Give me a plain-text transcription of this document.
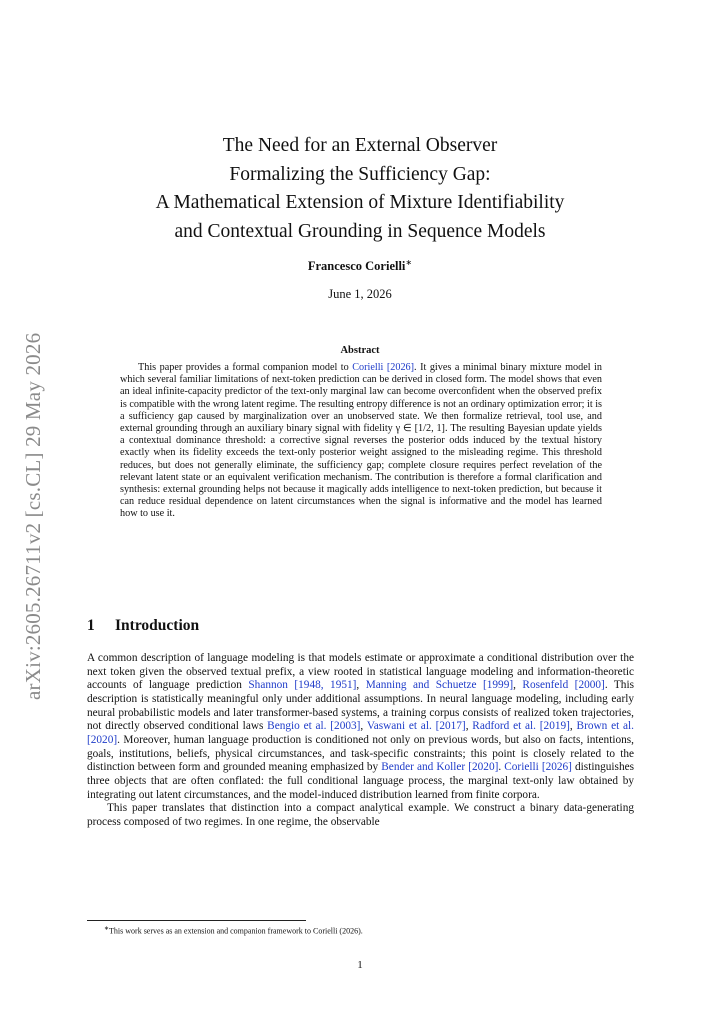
arXiv:2605.26711v2 [cs.CL] 29 May 2026
The Need for an External Observer
Formalizing the Sufficiency Gap:
A Mathematical Extension of Mixture Identifiability
and Contextual Grounding in Sequence Models
Francesco Corielli∗
June 1, 2026
Abstract
This paper provides a formal companion model to Corielli [2026]. It gives a minimal binary mixture model in which several familiar limitations of next-token prediction can be derived in closed form. The model shows that even an ideal infinite-capacity predictor of the text-only marginal law can become overconfident when the observed prefix is compatible with the wrong latent regime. The resulting entropy difference is not an ordinary optimization error; it is a sufficiency gap caused by marginalization over an unobserved state. We then formalize retrieval, tool use, and external grounding through an auxiliary binary signal with fidelity γ ∈ [1/2, 1]. The resulting Bayesian update yields a contextual dominance threshold: a corrective signal reverses the posterior odds induced by the textual history exactly when its fidelity exceeds the text-only posterior weight assigned to the misleading regime. This threshold reduces, but does not generally eliminate, the sufficiency gap; complete closure requires perfect revelation of the relevant latent state or an equivalent verification mechanism. The contribution is therefore a formal clarification and synthesis: external grounding helps not because it magically adds intelligence to next-token prediction, but because it can reduce residual dependence on latent circumstances when the signal is informative and the model has learned how to use it.
1 Introduction

A common description of language modeling is that models estimate or approximate a conditional distribution over the next token given the observed textual prefix, a view rooted in statistical language modeling and information-theoretic accounts of language prediction Shannon [1948, 1951], Manning and Schuetze [1999], Rosenfeld [2000]. This description is statistically meaningful only under additional assumptions. In neural language modeling, including early neural probabilistic models and later transformer-based systems, a training corpus consists of realized token trajectories, not directly observed conditional laws Bengio et al. [2003], Vaswani et al. [2017], Radford et al. [2019], Brown et al. [2020]. Moreover, human language production is conditioned not only on previous words, but also on facts, intentions, goals, institutions, beliefs, physical circumstances, and task-specific constraints; this point is closely related to the distinction between form and grounded meaning emphasized by Bender and Koller [2020]. Corielli [2026] distinguishes three objects that are often conflated: the full conditional language process, the marginal text-only law obtained by integrating out latent circumstances, and the model-induced distribution learned from finite corpora.

This paper translates that distinction into a compact analytical example. We construct a binary data-generating process composed of two regimes. In one regime, the observable

∗This work serves as an extension and companion framework to Corielli (2026).
1
